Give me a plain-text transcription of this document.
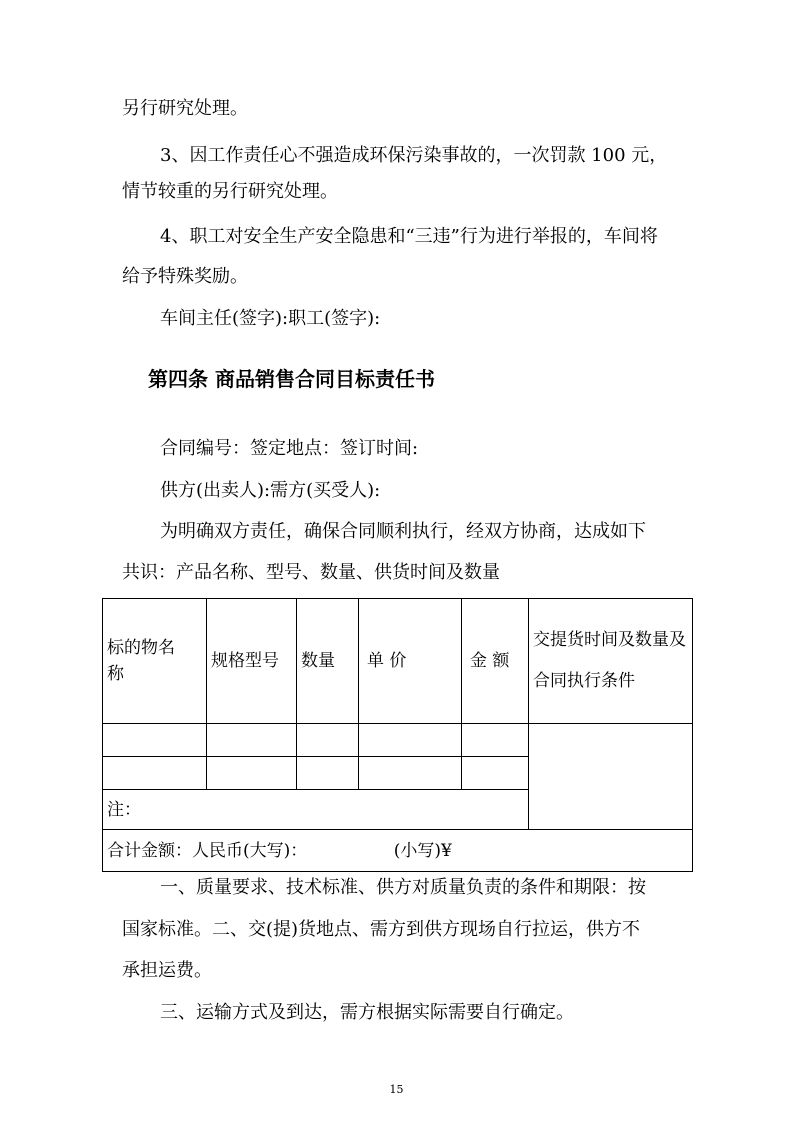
另行研究处理。
3、因工作责任心不强造成环保污染事故的，一次罚款 100 元，
情节较重的另行研究处理。
4、职工对安全生产安全隐患和“三违”行为进行举报的，车间将
给予特殊奖励。
车间主任(签字):职工(签字):
第四条 商品销售合同目标责任书
合同编号：签定地点：签订时间:
供方(出卖人):需方(买受人):
为明确双方责任，确保合同顺利执行，经双方协商，达成如下
共识：产品名称、型号、数量、供货时间及数量
标的物名称	规格型号	数量	单 价	金 额	交提货时间及数量及 合同执行条件

注：					
合计金额：人民币(大写)：                (小写)¥					
一、质量要求、技术标准、供方对质量负责的条件和期限：按
国家标准。二、交(提)货地点、需方到供方现场自行拉运，供方不
承担运费。
三、运输方式及到达，需方根据实际需要自行确定。
15
